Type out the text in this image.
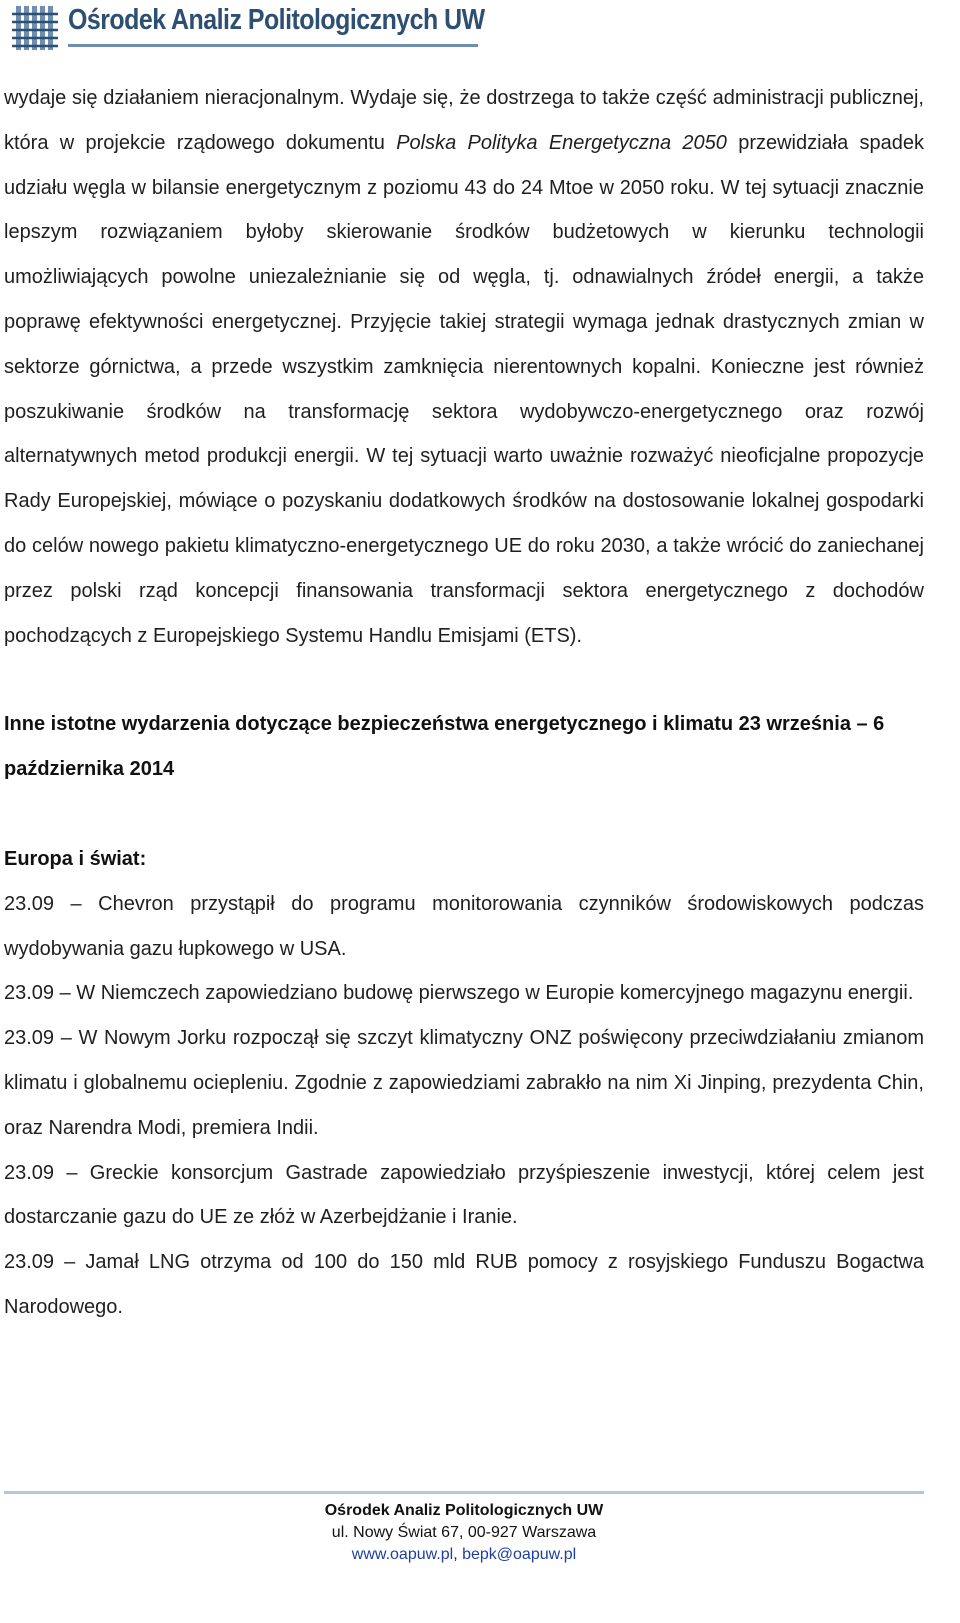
Ośrodek Analiz Politologicznych UW

wydaje się działaniem nieracjonalnym. Wydaje się, że dostrzega to także część administracji publicznej, która w projekcie rządowego dokumentu Polska Polityka Energetyczna 2050 przewidziała spadek udziału węgla w bilansie energetycznym z poziomu 43 do 24 Mtoe w 2050 roku. W tej sytuacji znacznie lepszym rozwiązaniem byłoby skierowanie środków budżetowych w kierunku technologii umożliwiających powolne uniezależnianie się od węgla, tj. odnawialnych źródeł energii, a także poprawę efektywności energetycznej. Przyjęcie takiej strategii wymaga jednak drastycznych zmian w sektorze górnictwa, a przede wszystkim zamknięcia nierentownych kopalni. Konieczne jest również poszukiwanie środków na transformację sektora wydobywczo-energetycznego oraz rozwój alternatywnych metod produkcji energii. W tej sytuacji warto uważnie rozważyć nieoficjalne propozycje Rady Europejskiej, mówiące o pozyskaniu dodatkowych środków na dostosowanie lokalnej gospodarki do celów nowego pakietu klimatyczno-energetycznego UE do roku 2030, a także wrócić do zaniechanej przez polski rząd koncepcji finansowania transformacji sektora energetycznego z dochodów pochodzących z Europejskiego Systemu Handlu Emisjami (ETS).

Inne istotne wydarzenia dotyczące bezpieczeństwa energetycznego i klimatu 23 września – 6 października 2014

Europa i świat:

23.09 – Chevron przystąpił do programu monitorowania czynników środowiskowych podczas wydobywania gazu łupkowego w USA.

23.09 – W Niemczech zapowiedziano budowę pierwszego w Europie komercyjnego magazynu energii.

23.09 – W Nowym Jorku rozpoczął się szczyt klimatyczny ONZ poświęcony przeciwdziałaniu zmianom klimatu i globalnemu ociepleniu. Zgodnie z zapowiedziami zabrakło na nim Xi Jinping, prezydenta Chin, oraz Narendra Modi, premiera Indii.

23.09 – Greckie konsorcjum Gastrade zapowiedziało przyśpieszenie inwestycji, której celem jest dostarczanie gazu do UE ze złóż w Azerbejdżanie i Iranie.

23.09 – Jamał LNG otrzyma od 100 do 150 mld RUB pomocy z rosyjskiego Funduszu Bogactwa Narodowego.

Ośrodek Analiz Politologicznych UW
ul. Nowy Świat 67, 00-927 Warszawa
www.oapuw.pl, bepk@oapuw.pl
